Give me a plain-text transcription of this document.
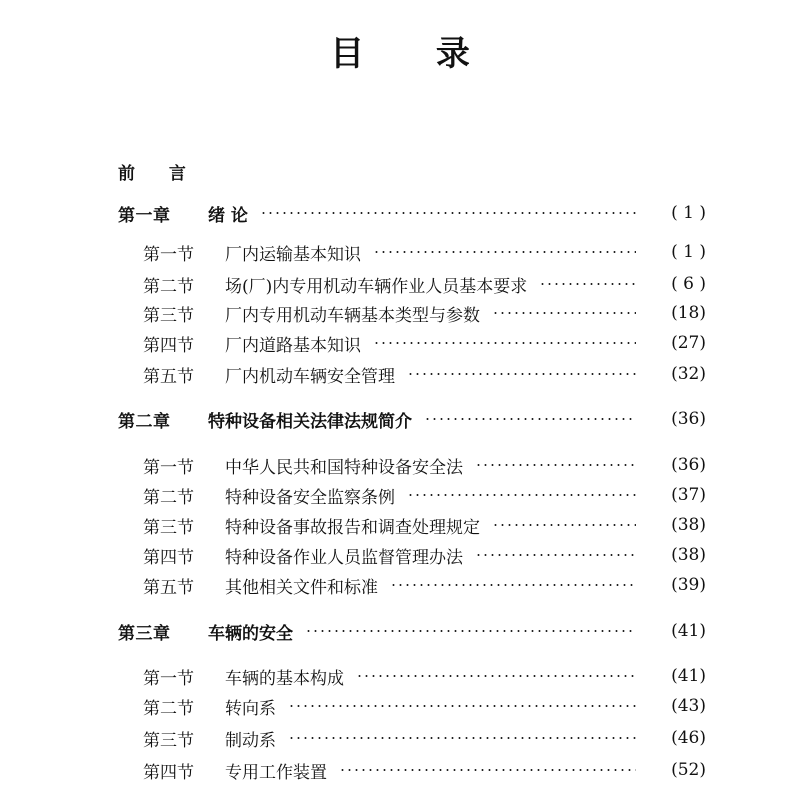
目 录
前 言
第一章	绪 论	( 1 )
第一节	厂内运输基本知识	( 1 )
第二节	场(厂)内专用机动车辆作业人员基本要求	( 6 )
第三节	厂内专用机动车辆基本类型与参数	(18)
第四节	厂内道路基本知识	(27)
第五节	厂内机动车辆安全管理	(32)
第二章	特种设备相关法律法规简介	(36)
第一节	中华人民共和国特种设备安全法	(36)
第二节	特种设备安全监察条例	(37)
第三节	特种设备事故报告和调查处理规定	(38)
第四节	特种设备作业人员监督管理办法	(38)
第五节	其他相关文件和标准	(39)
第三章	车辆的安全	(41)
第一节	车辆的基本构成	(41)
第二节	转向系	(43)
第三节	制动系	(46)
第四节	专用工作装置	(52)
